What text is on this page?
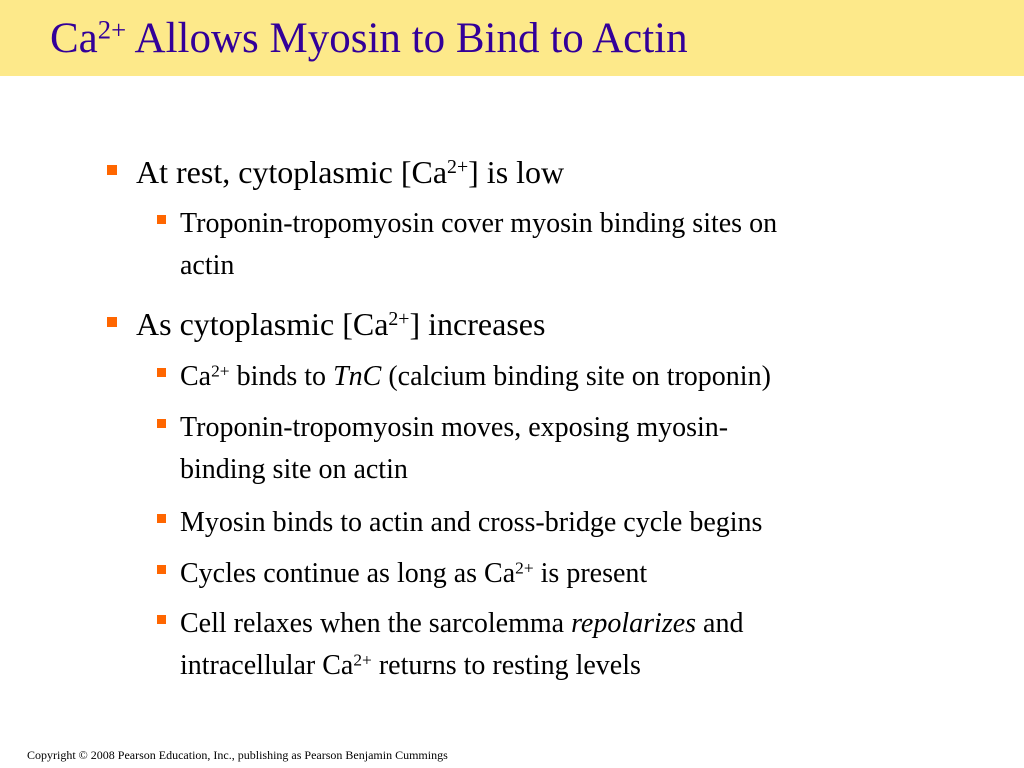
$Ca^{2+}$ Allows Myosin to Bind to Actin

At rest, cytoplasmic $[Ca^{2+}]$ is low

Troponin-tropomyosin cover myosin binding sites on
actin

As cytoplasmic $[Ca^{2+}]$ increases

$Ca^{2+}$ binds to TnC (calcium binding site on troponin)

Troponin-tropomyosin moves, exposing myosin-
binding site on actin

Myosin binds to actin and cross-bridge cycle begins

Cycles continue as long as $Ca^{2+}$ is present

Cell relaxes when the sarcolemma repolarizes and
intracellular $Ca^{2+}$ returns to resting levels

Copyright © 2008 Pearson Education, Inc., publishing as Pearson Benjamin Cummings
